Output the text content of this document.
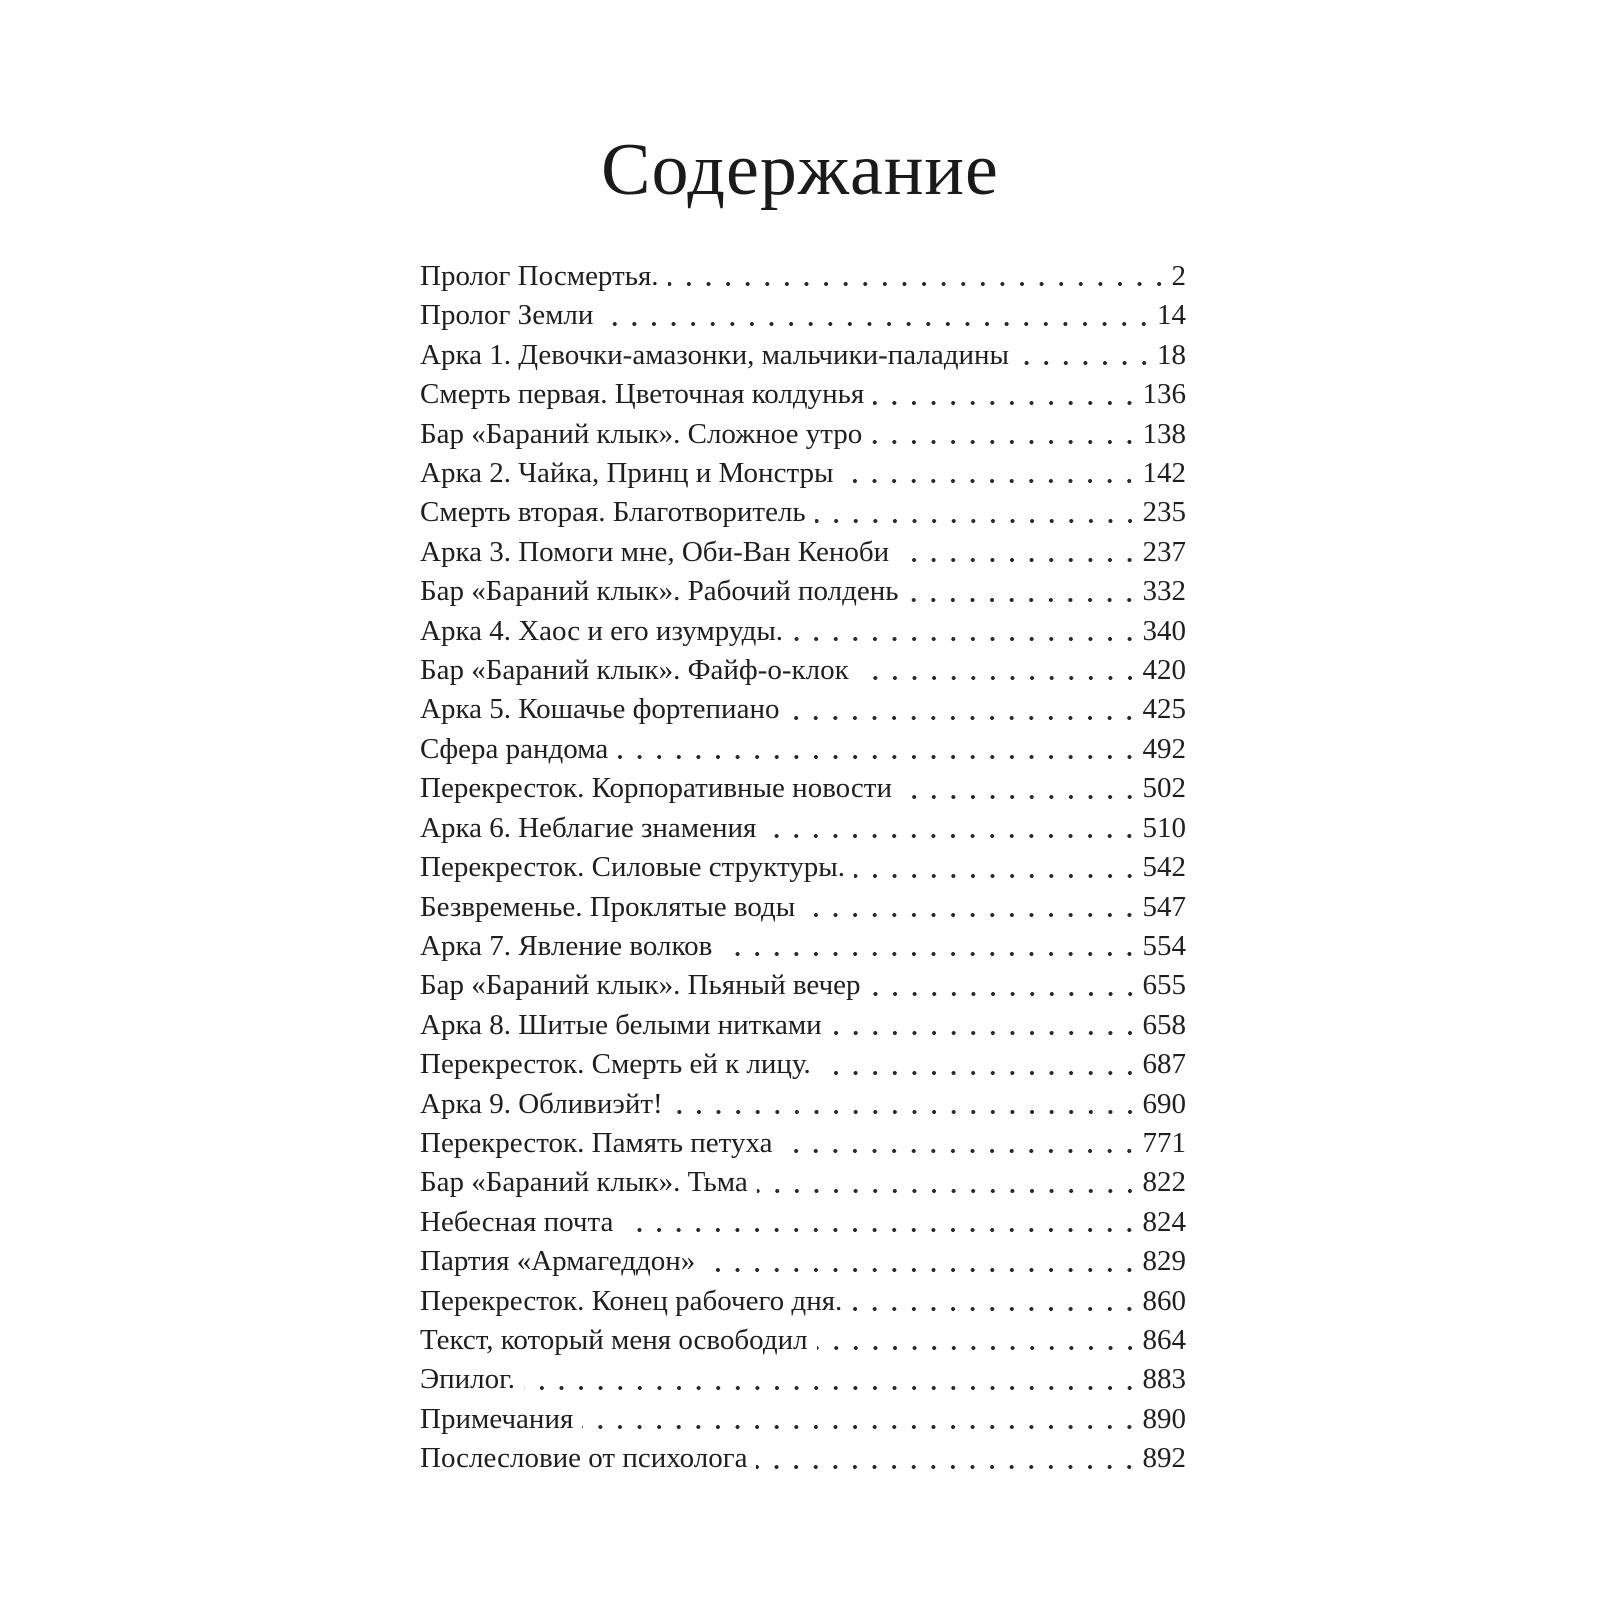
Содержание
Пролог Посмертья.	2
Пролог Земли	14
Арка 1. Девочки-амазонки, мальчики-паладины	18
Смерть первая. Цветочная колдунья	136
Бар «Бараний клык». Сложное утро	138
Арка 2. Чайка, Принц и Монстры	142
Смерть вторая. Благотворитель	235
Арка 3. Помоги мне, Оби-Ван Кеноби	237
Бар «Бараний клык». Рабочий полдень	332
Арка 4. Хаос и его изумруды.	340
Бар «Бараний клык». Файф-о-клок	420
Арка 5. Кошачье фортепиано	425
Сфера рандома	492
Перекресток. Корпоративные новости	502
Арка 6. Неблагие знамения	510
Перекресток. Силовые структуры.	542
Безвременье. Проклятые воды	547
Арка 7. Явление волков	554
Бар «Бараний клык». Пьяный вечер	655
Арка 8. Шитые белыми нитками	658
Перекресток. Смерть ей к лицу.	687
Арка 9. Обливиэйт!	690
Перекресток. Память петуха	771
Бар «Бараний клык». Тьма	822
Небесная почта	824
Партия «Армагеддон»	829
Перекресток. Конец рабочего дня.	860
Текст, который меня освободил	864
Эпилог.	883
Примечания	890
Послесловие от психолога	892
